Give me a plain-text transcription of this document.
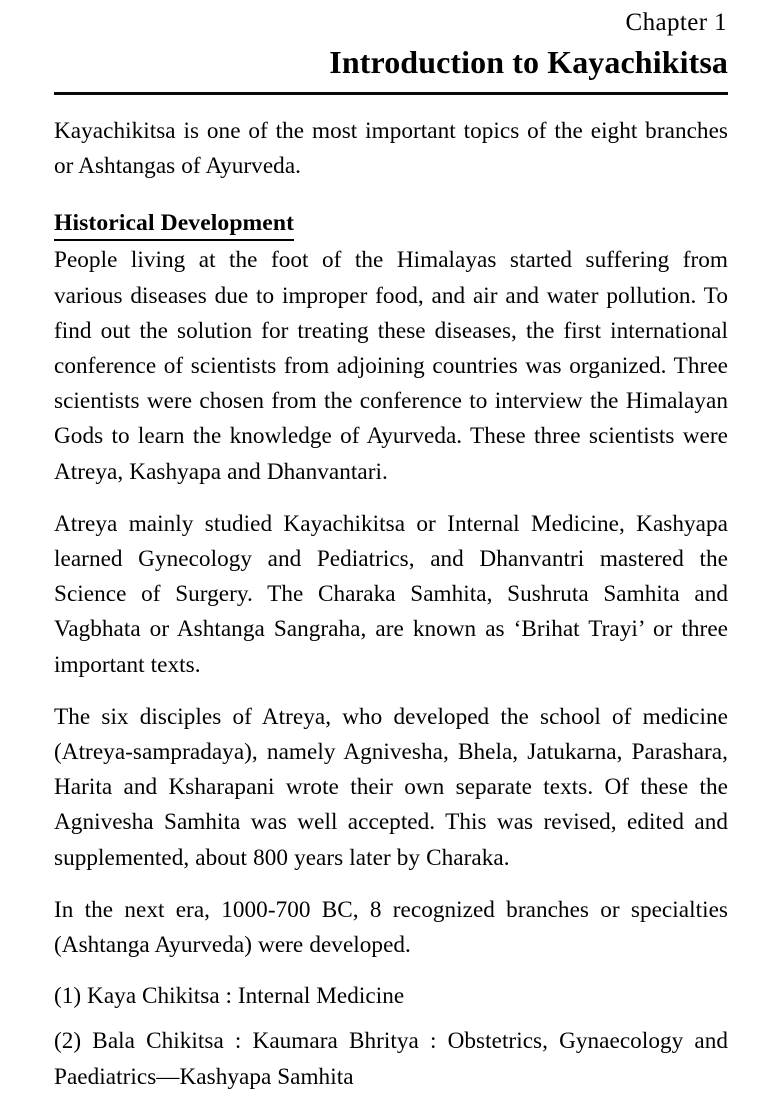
Chapter 1
Introduction to Kayachikitsa

Kayachikitsa is one of the most important topics of the eight branches or Ashtangas of Ayurveda.

Historical Development

People living at the foot of the Himalayas started suffering from various diseases due to improper food, and air and water pollution. To find out the solution for treating these diseases, the first international conference of scientists from adjoining countries was organized. Three scientists were chosen from the conference to interview the Himalayan Gods to learn the knowledge of Ayurveda. These three scientists were Atreya, Kashyapa and Dhanvantari.

Atreya mainly studied Kayachikitsa or Internal Medicine, Kashyapa learned Gynecology and Pediatrics, and Dhanvantri mastered the Science of Surgery. The Charaka Samhita, Sushruta Samhita and Vagbhata or Ashtanga Sangraha, are known as ‘Brihat Trayi’ or three important texts.

The six disciples of Atreya, who developed the school of medicine (Atreya-sampradaya), namely Agnivesha, Bhela, Jatukarna, Parashara, Harita and Ksharapani wrote their own separate texts. Of these the Agnivesha Samhita was well accepted. This was revised, edited and supplemented, about 800 years later by Charaka.

In the next era, 1000-700 BC, 8 recognized branches or specialties (Ashtanga Ayurveda) were developed.

(1) Kaya Chikitsa : Internal Medicine

(2) Bala Chikitsa : Kaumara Bhritya : Obstetrics, Gynaecology and Paediatrics—Kashyapa Samhita
